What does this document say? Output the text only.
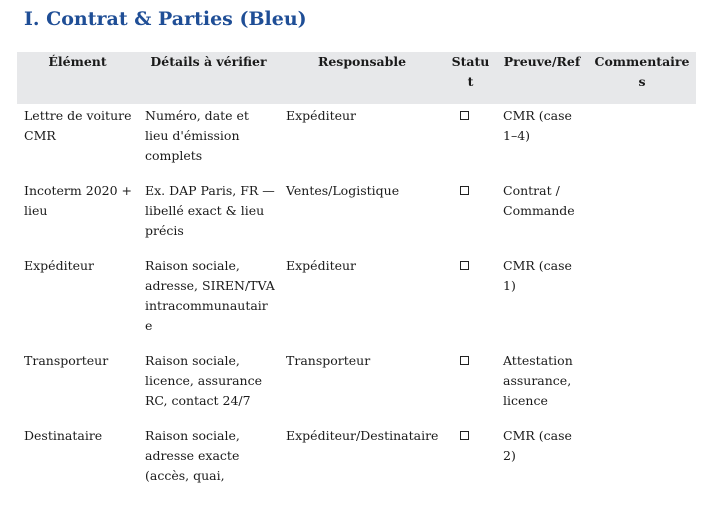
I. Contrat & Parties (Bleu)
Élément	Détails à vérifier	Responsable	Statut	Preuve/Ref	Commentaires
Lettre de voiture CMR	Numéro, date et lieu d'émission complets	Expéditeur		CMR (case 1–4)	
Incoterm 2020 + lieu	Ex. DAP Paris, FR — libellé exact & lieu précis	Ventes/Logistique		Contrat / Commande	
Expéditeur	Raison sociale, adresse, SIREN/TVA intracommunautaire	Expéditeur		CMR (case 1)	
Transporteur	Raison sociale, licence, assurance RC, contact 24/7	Transporteur		Attestation assurance, licence	
Destinataire	Raison sociale, adresse exacte (accès, quai,	Expéditeur/Destinataire		CMR (case 2)	
